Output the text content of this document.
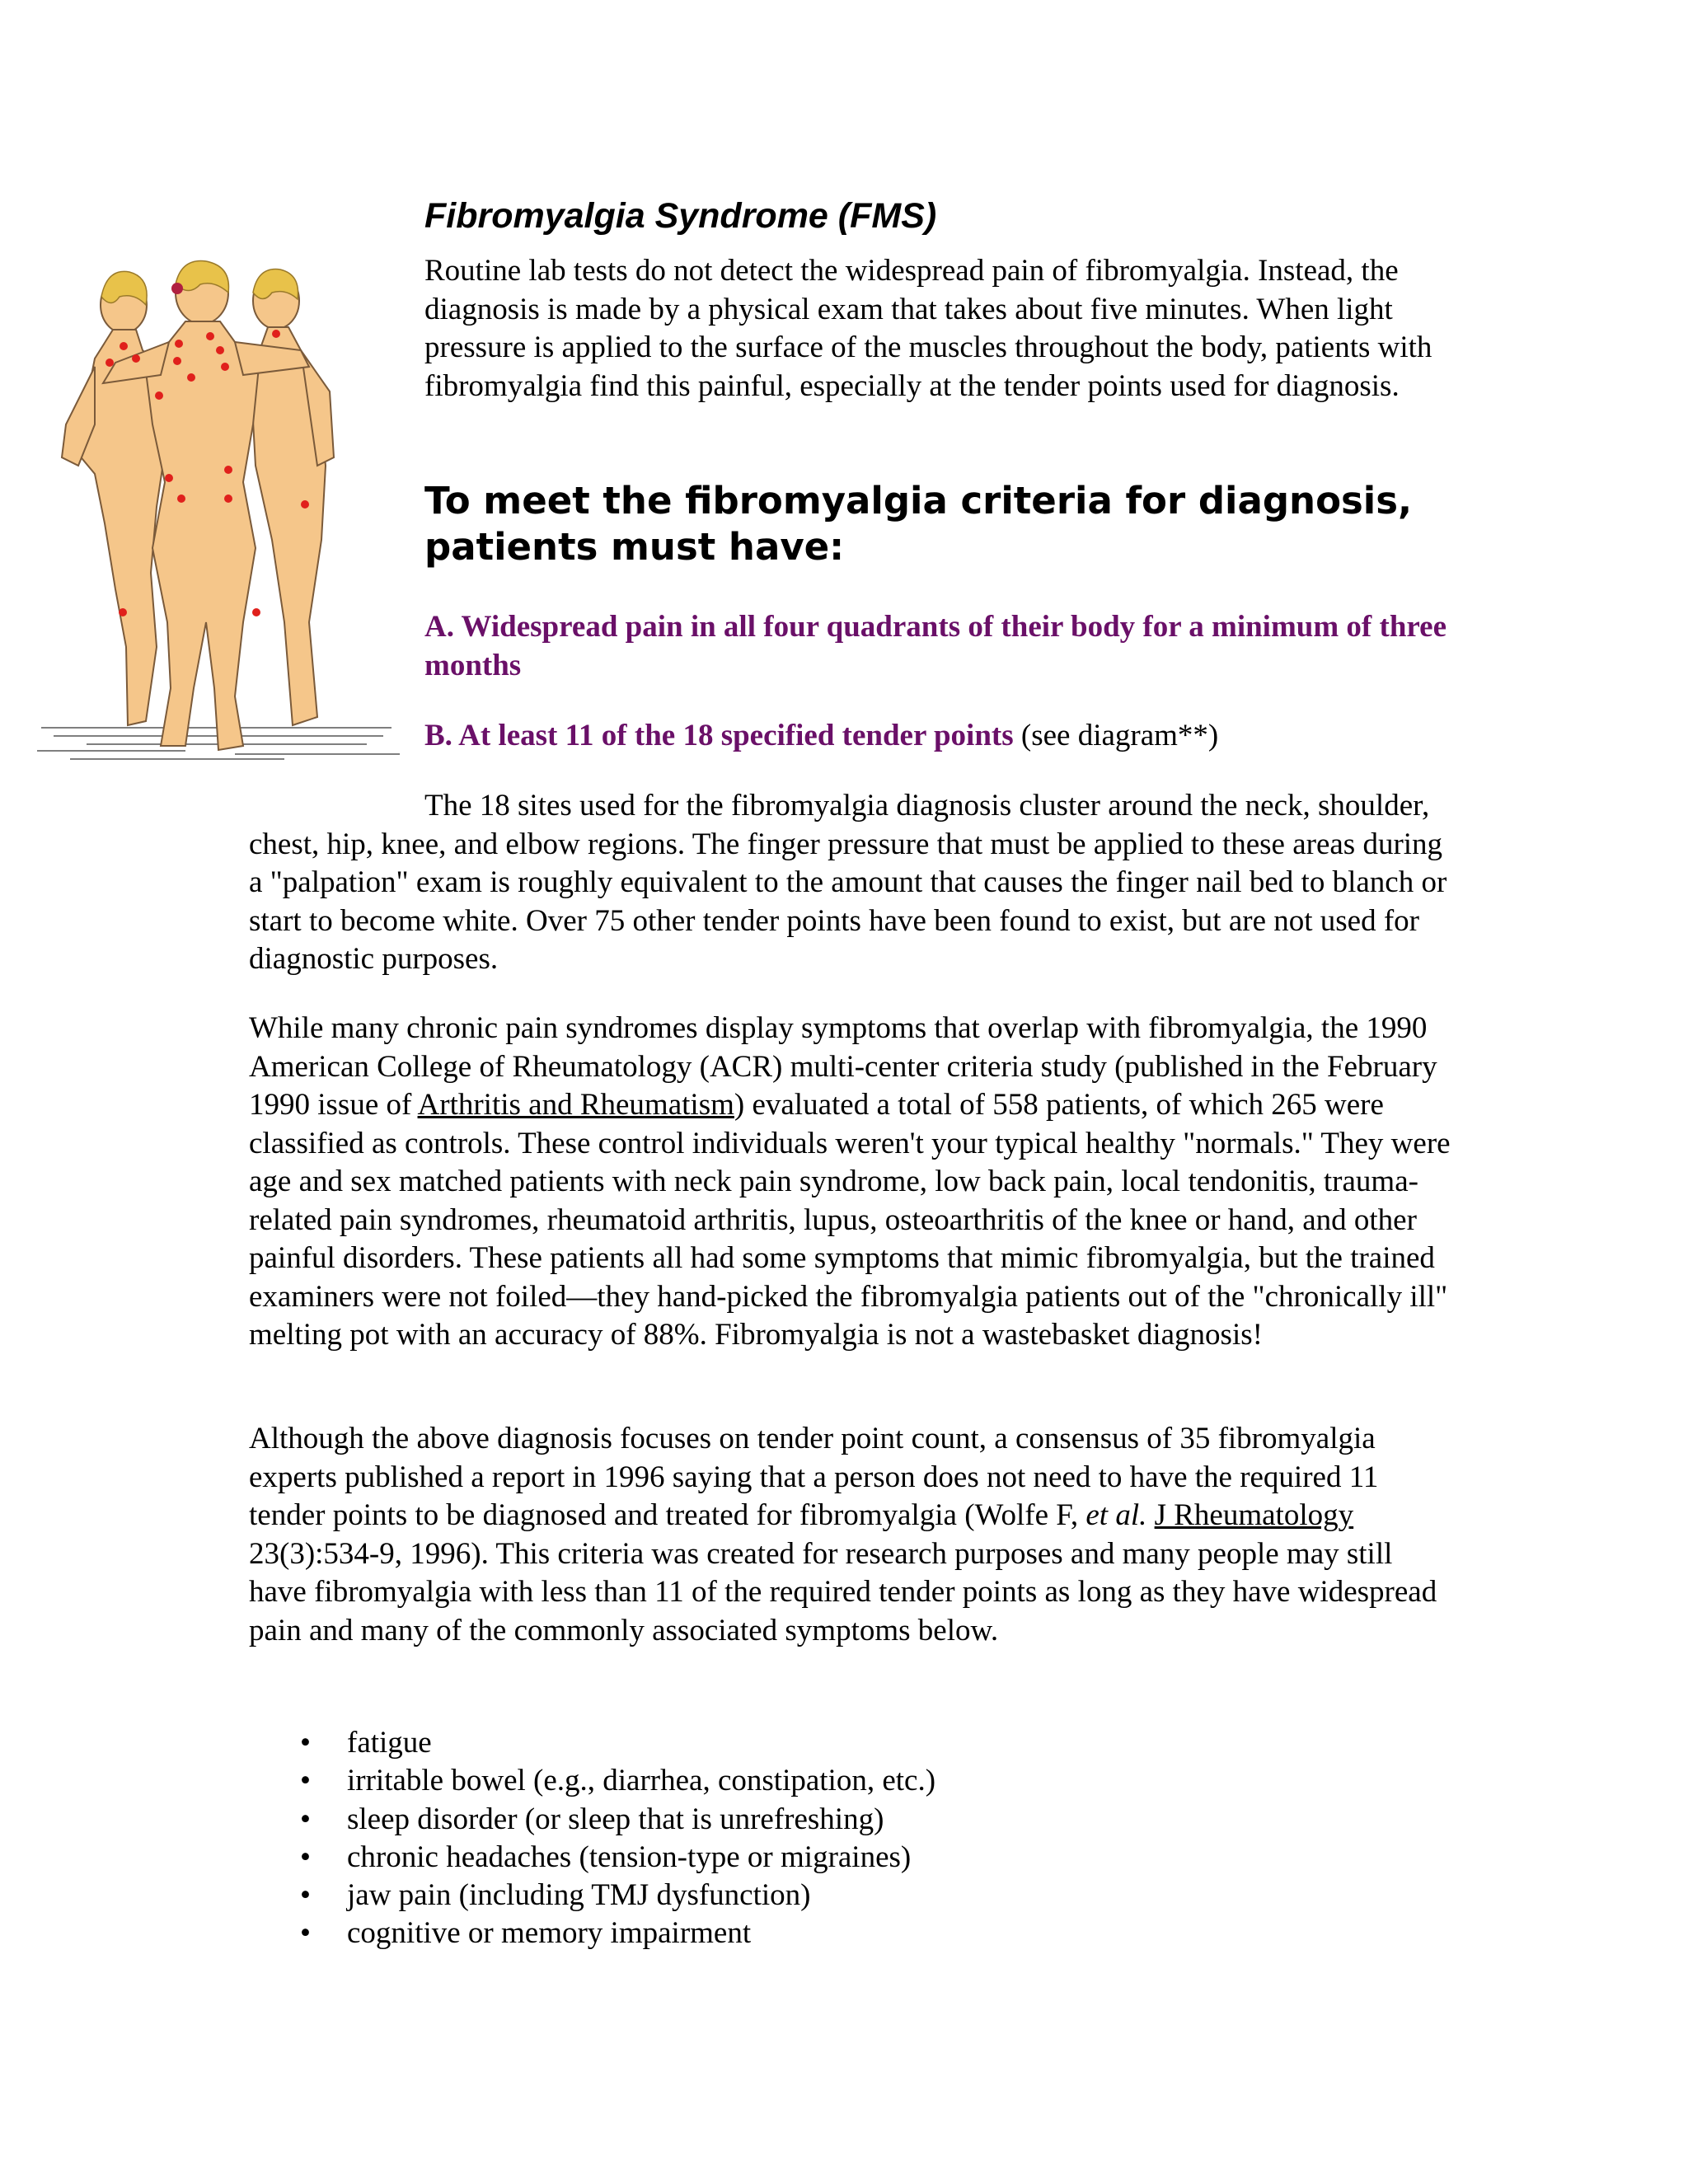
Fibromyalgia Syndrome (FMS)

Routine lab tests do not detect the widespread pain of fibromyalgia. Instead, the diagnosis is made by a physical exam that takes about five minutes. When light pressure is applied to the surface of the muscles throughout the body, patients with fibromyalgia find this painful, especially at the tender points used for diagnosis.

To meet the fibromyalgia criteria for diagnosis, patients must have:

A. Widespread pain in all four quadrants of their body for a minimum of three months

B. At least 11 of the 18 specified tender points (see diagram**)

The 18 sites used for the fibromyalgia diagnosis cluster around the neck, shoulder, chest, hip, knee, and elbow regions. The finger pressure that must be applied to these areas during a "palpation" exam is roughly equivalent to the amount that causes the finger nail bed to blanch or start to become white. Over 75 other tender points have been found to exist, but are not used for diagnostic purposes.

While many chronic pain syndromes display symptoms that overlap with fibromyalgia, the 1990 American College of Rheumatology (ACR) multi-center criteria study (published in the February 1990 issue of Arthritis and Rheumatism) evaluated a total of 558 patients, of which 265 were classified as controls. These control individuals weren't your typical healthy "normals." They were age and sex matched patients with neck pain syndrome, low back pain, local tendonitis, trauma-related pain syndromes, rheumatoid arthritis, lupus, osteoarthritis of the knee or hand, and other painful disorders. These patients all had some symptoms that mimic fibromyalgia, but the trained examiners were not foiled—they hand-picked the fibromyalgia patients out of the "chronically ill" melting pot with an accuracy of 88%. Fibromyalgia is not a wastebasket diagnosis!

Although the above diagnosis focuses on tender point count, a consensus of 35 fibromyalgia experts published a report in 1996 saying that a person does not need to have the required 11 tender points to be diagnosed and treated for fibromyalgia (Wolfe F, et al. J Rheumatology 23(3):534-9, 1996). This criteria was created for research purposes and many people may still have fibromyalgia with less than 11 of the required tender points as long as they have widespread pain and many of the commonly associated symptoms below.

• fatigue
• irritable bowel (e.g., diarrhea, constipation, etc.)
• sleep disorder (or sleep that is unrefreshing)
• chronic headaches (tension-type or migraines)
• jaw pain (including TMJ dysfunction)
• cognitive or memory impairment
